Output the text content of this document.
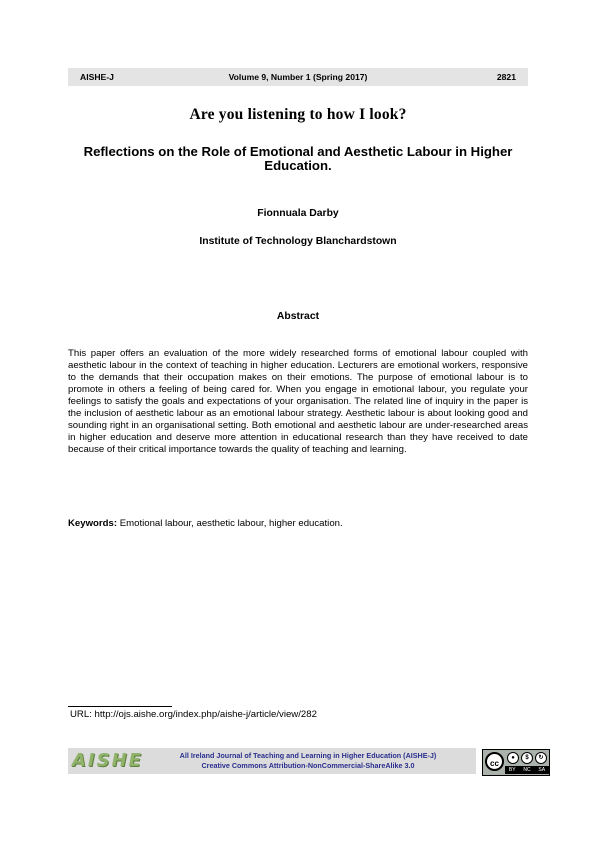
AISHE-J	Volume 9, Number 1 (Spring 2017)	2821
Are you listening to how I look?
Reflections on the Role of Emotional and Aesthetic Labour in Higher Education.
Fionnuala Darby
Institute of Technology Blanchardstown
Abstract
This paper offers an evaluation of the more widely researched forms of emotional labour coupled with aesthetic labour in the context of teaching in higher education. Lecturers are emotional workers, responsive to the demands that their occupation makes on their emotions. The purpose of emotional labour is to promote in others a feeling of being cared for. When you engage in emotional labour, you regulate your feelings to satisfy the goals and expectations of your organisation. The related line of inquiry in the paper is the inclusion of aesthetic labour as an emotional labour strategy. Aesthetic labour is about looking good and sounding right in an organisational setting. Both emotional and aesthetic labour are under-researched areas in higher education and deserve more attention in educational research than they have received to date because of their critical importance towards the quality of teaching and learning.
Keywords: Emotional labour, aesthetic labour, higher education.
URL: http://ojs.aishe.org/index.php/aishe-j/article/view/282
AISHE	All Ireland Journal of Teaching and Learning in Higher Education (AISHE-J)
Creative Commons Attribution-NonCommercial-ShareAlike 3.0	cc
●	$	↻
BY NC SA
